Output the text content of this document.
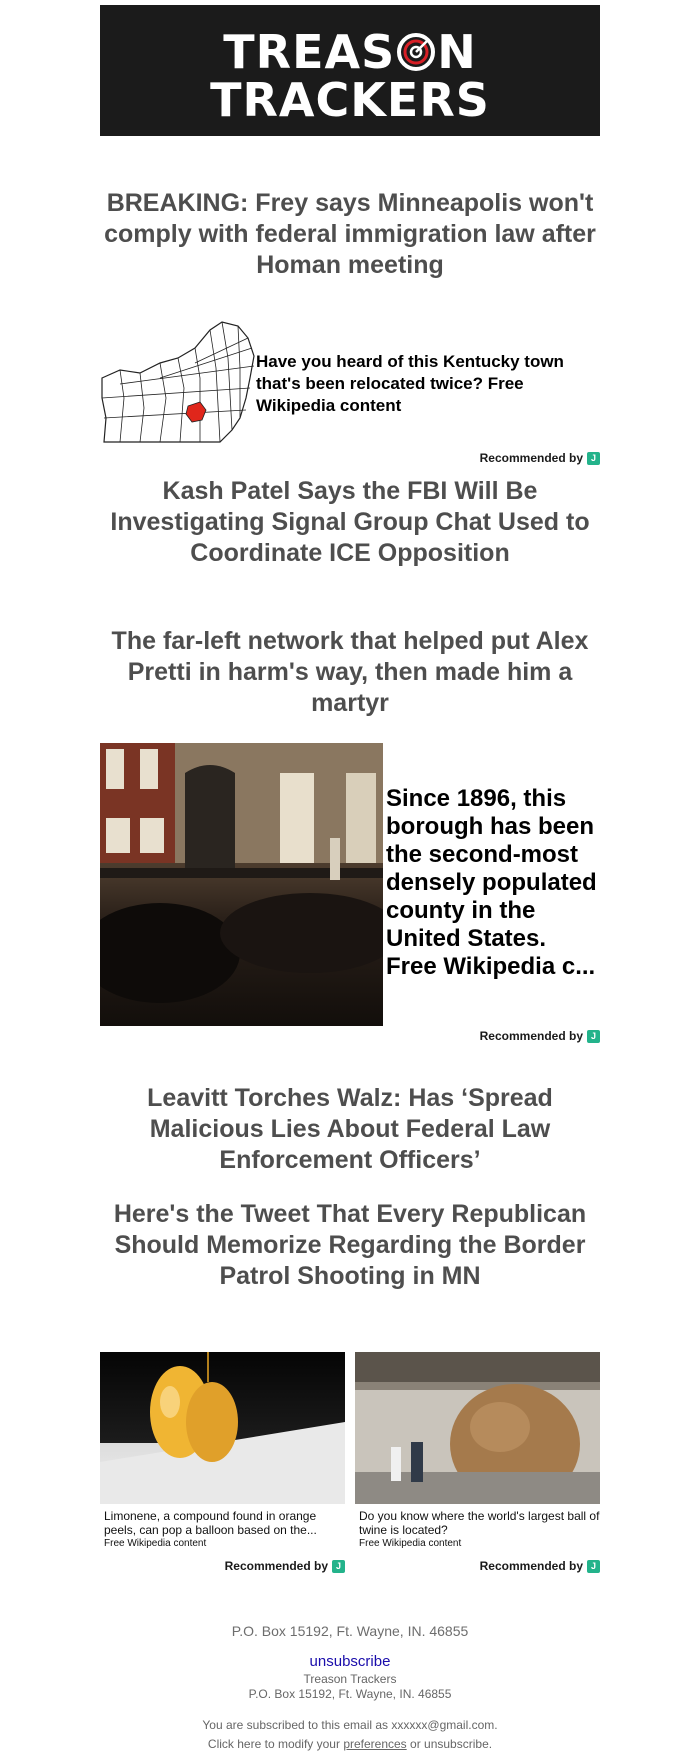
TREAS N
TRACKERS
BREAKING: Frey says Minneapolis won't comply with federal immigration law after Homan meeting
Have you heard of this Kentucky town that's been relocated twice? Free Wikipedia content
Recommended by J
Kash Patel Says the FBI Will Be Investigating Signal Group Chat Used to Coordinate ICE Opposition
The far-left network that helped put Alex Pretti in harm's way, then made him a martyr
Since 1896, this borough has been the second-most densely populated county in the United States. Free Wikipedia c...
Recommended by J
Leavitt Torches Walz: Has ‘Spread Malicious Lies About Federal Law Enforcement Officers’
Here's the Tweet That Every Republican Should Memorize Regarding the Border Patrol Shooting in MN
Limonene, a compound found in orange peels, can pop a balloon based on the...
Free Wikipedia content
Do you know where the world's largest ball of twine is located?
Free Wikipedia content
Recommended by J	Recommended by J
P.O. Box 15192, Ft. Wayne, IN. 46855
unsubscribe
Treason Trackers
P.O. Box 15192, Ft. Wayne, IN. 46855
You are subscribed to this email as xxxxxx@gmail.com.
Click here to modify your preferences or unsubscribe.
